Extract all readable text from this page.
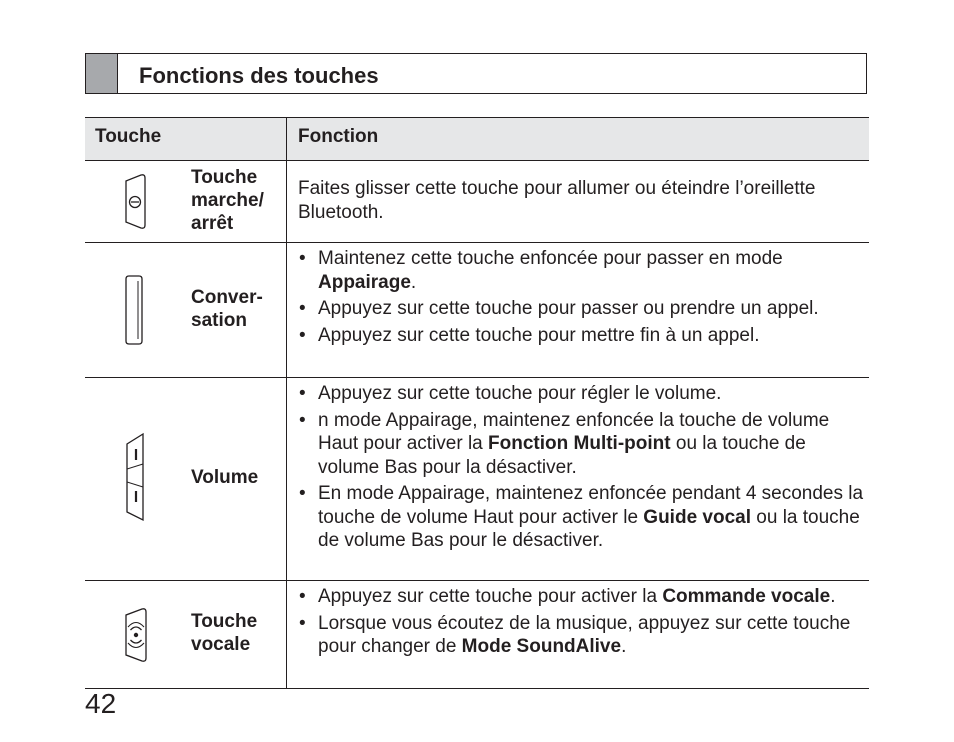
Fonctions des touches
Touche	Fonction
Touche
marche/
arrêt

Faites glisser cette touche pour allumer ou éteindre l’oreillette Bluetooth.

Conver-
sation
• Maintenez cette touche enfoncée pour passer en mode Appairage.
• Appuyez sur cette touche pour passer ou prendre un appel.
• Appuyez sur cette touche pour mettre fin à un appel.
Volume
• Appuyez sur cette touche pour régler le volume.
• n mode Appairage, maintenez enfoncée la touche de volume Haut pour activer la Fonction Multi-point ou la touche de volume Bas pour la désactiver.
• En mode Appairage, maintenez enfoncée pendant 4 secondes la touche de volume Haut pour activer le Guide vocal ou la touche de volume Bas pour le désactiver.
Touche
vocale
• Appuyez sur cette touche pour activer la Commande vocale.
• Lorsque vous écoutez de la musique, appuyez sur cette touche pour changer de Mode SoundAlive.
42
